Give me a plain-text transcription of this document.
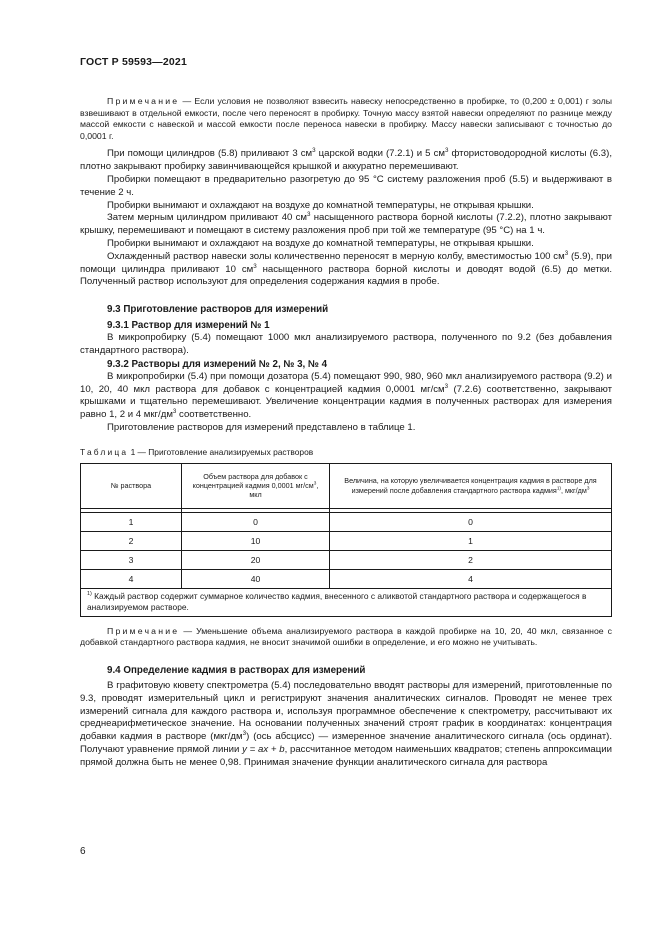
ГОСТ Р 59593—2021

Примечание — Если условия не позволяют взвесить навеску непосредственно в пробирке, то (0,200 ± 0,001) г золы взвешивают в отдельной емкости, после чего переносят в пробирку. Точную массу взятой навески определяют по разнице между массой емкости с навеской и массой емкости после переноса навески в пробирку. Массу навески записывают с точностью до 0,0001 г.

При помощи цилиндров (5.8) приливают 3 $см^3$ царской водки (7.2.1) и 5 $см^3$ фтористоводородной кислоты (6.3), плотно закрывают пробирку завинчивающейся крышкой и аккуратно перемешивают.

Пробирки помещают в предварительно разогретую до 95 °С систему разложения проб (5.5) и выдерживают в течение 2 ч.

Пробирки вынимают и охлаждают на воздухе до комнатной температуры, не открывая крышки.

Затем мерным цилиндром приливают 40 $см^3$ насыщенного раствора борной кислоты (7.2.2), плотно закрывают крышку, перемешивают и помещают в систему разложения проб при той же температуре (95 °С) на 1 ч.

Пробирки вынимают и охлаждают на воздухе до комнатной температуры, не открывая крышки.

Охлажденный раствор навески золы количественно переносят в мерную колбу, вместимостью 100 $см^3$ (5.9), при помощи цилиндра приливают 10 $см^3$ насыщенного раствора борной кислоты и доводят водой (6.5) до метки. Полученный раствор используют для определения содержания кадмия в пробе.

9.3 Приготовление растворов для измерений
9.3.1 Раствор для измерений № 1

В микропробирку (5.4) помещают 1000 мкл анализируемого раствора, полученного по 9.2 (без добавления стандартного раствора).

9.3.2 Растворы для измерений № 2, № 3, № 4

В микропробирки (5.4) при помощи дозатора (5.4) помещают 990, 980, 960 мкл анализируемого раствора (9.2) и 10, 20, 40 мкл раствора для добавок с концентрацией кадмия 0,0001 $мг/см^3$ (7.2.6) соответственно, закрывают крышками и тщательно перемешивают. Увеличение концентрации кадмия в полученных растворах для измерения равно 1, 2 и 4 мкг/$дм^3$ соответственно.

Приготовление растворов для измерений представлено в таблице 1.

Таблица 1 — Приготовление анализируемых растворов
№ раствора	Объем раствора для добавок с концентрацией кадмия 0,0001 $мг/см^3$, мкл	Величина, на которую увеличивается концентрация кадмия в растворе для измерений после добавления стандартного раствора кадмия$^{1)}$, мкг/$дм^3$

1	0	0
2	10	1
3	20	2
4	40	4
$^{1)}$ Каждый раствор содержит суммарное количество кадмия, внесенного с аликвотой стандартного раствора и содержащегося в анализируемом растворе.		

Примечание — Уменьшение объема анализируемого раствора в каждой пробирке на 10, 20, 40 мкл, связанное с добавкой стандартного раствора кадмия, не вносит значимой ошибки в определение, и его можно не учитывать.

9.4 Определение кадмия в растворах для измерений

В графитовую кювету спектрометра (5.4) последовательно вводят растворы для измерений, приготовленные по 9.3, проводят измерительный цикл и регистрируют значения аналитических сигналов. Проводят не менее трех измерений сигнала для каждого раствора и, используя программное обеспечение к спектрометру, рассчитывают их среднеарифметическое значение. На основании полученных значений строят график в координатах: концентрация добавки кадмия в растворе $(мкг/дм^3)$ (ось абсцисс) — измеренное значение аналитического сигнала (ось ординат). Получают уравнение прямой линии y = ax + b, рассчитанное методом наименьших квадратов; степень аппроксимации прямой должна быть не менее 0,98. Принимая значение функции аналитического сигнала для раствора

6
